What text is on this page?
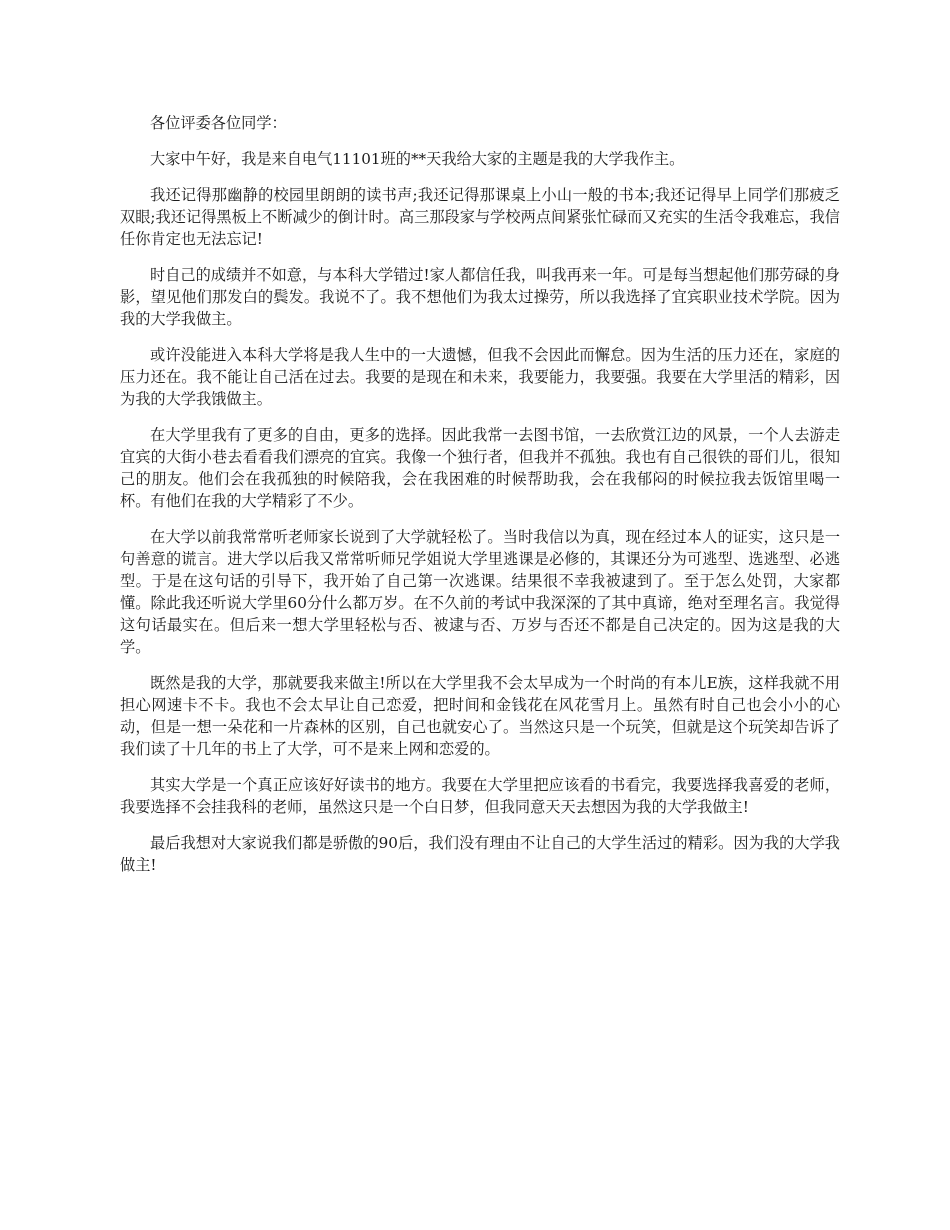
各位评委各位同学：

大家中午好，我是来自电气11101班的**天我给大家的主题是我的大学我作主。

我还记得那幽静的校园里朗朗的读书声;我还记得那课桌上小山一般的书本;我还记得早上同学们那疲乏双眼;我还记得黑板上不断减少的倒计时。高三那段家与学校两点间紧张忙碌而又充实的生活令我难忘，我信任你肯定也无法忘记!

时自己的成绩并不如意，与本科大学错过!家人都信任我，叫我再来一年。可是每当想起他们那劳碌的身影，望见他们那发白的鬓发。我说不了。我不想他们为我太过操劳，所以我选择了宜宾职业技术学院。因为我的大学我做主。

或许没能进入本科大学将是我人生中的一大遗憾，但我不会因此而懈怠。因为生活的压力还在，家庭的压力还在。我不能让自己活在过去。我要的是现在和未来，我要能力，我要强。我要在大学里活的精彩，因为我的大学我饿做主。

在大学里我有了更多的自由，更多的选择。因此我常一去图书馆，一去欣赏江边的风景，一个人去游走宜宾的大街小巷去看看我们漂亮的宜宾。我像一个独行者，但我并不孤独。我也有自己很铁的哥们儿，很知己的朋友。他们会在我孤独的时候陪我，会在我困难的时候帮助我，会在我郁闷的时候拉我去饭馆里喝一杯。有他们在我的大学精彩了不少。

在大学以前我常常听老师家长说到了大学就轻松了。当时我信以为真，现在经过本人的证实，这只是一句善意的谎言。进大学以后我又常常听师兄学姐说大学里逃课是必修的，其课还分为可逃型、选逃型、必逃型。于是在这句话的引导下，我开始了自己第一次逃课。结果很不幸我被逮到了。至于怎么处罚，大家都懂。除此我还听说大学里60分什么都万岁。在不久前的考试中我深深的了其中真谛，绝对至理名言。我觉得这句话最实在。但后来一想大学里轻松与否、被逮与否、万岁与否还不都是自己决定的。因为这是我的大学。

既然是我的大学，那就要我来做主!所以在大学里我不会太早成为一个时尚的有本儿E族，这样我就不用担心网速卡不卡。我也不会太早让自己恋爱，把时间和金钱花在风花雪月上。虽然有时自己也会小小的心动，但是一想一朵花和一片森林的区别，自己也就安心了。当然这只是一个玩笑，但就是这个玩笑却告诉了我们读了十几年的书上了大学，可不是来上网和恋爱的。

其实大学是一个真正应该好好读书的地方。我要在大学里把应该看的书看完，我要选择我喜爱的老师，我要选择不会挂我科的老师，虽然这只是一个白日梦，但我同意天天去想因为我的大学我做主!

最后我想对大家说我们都是骄傲的90后，我们没有理由不让自己的大学生活过的精彩。因为我的大学我做主!
